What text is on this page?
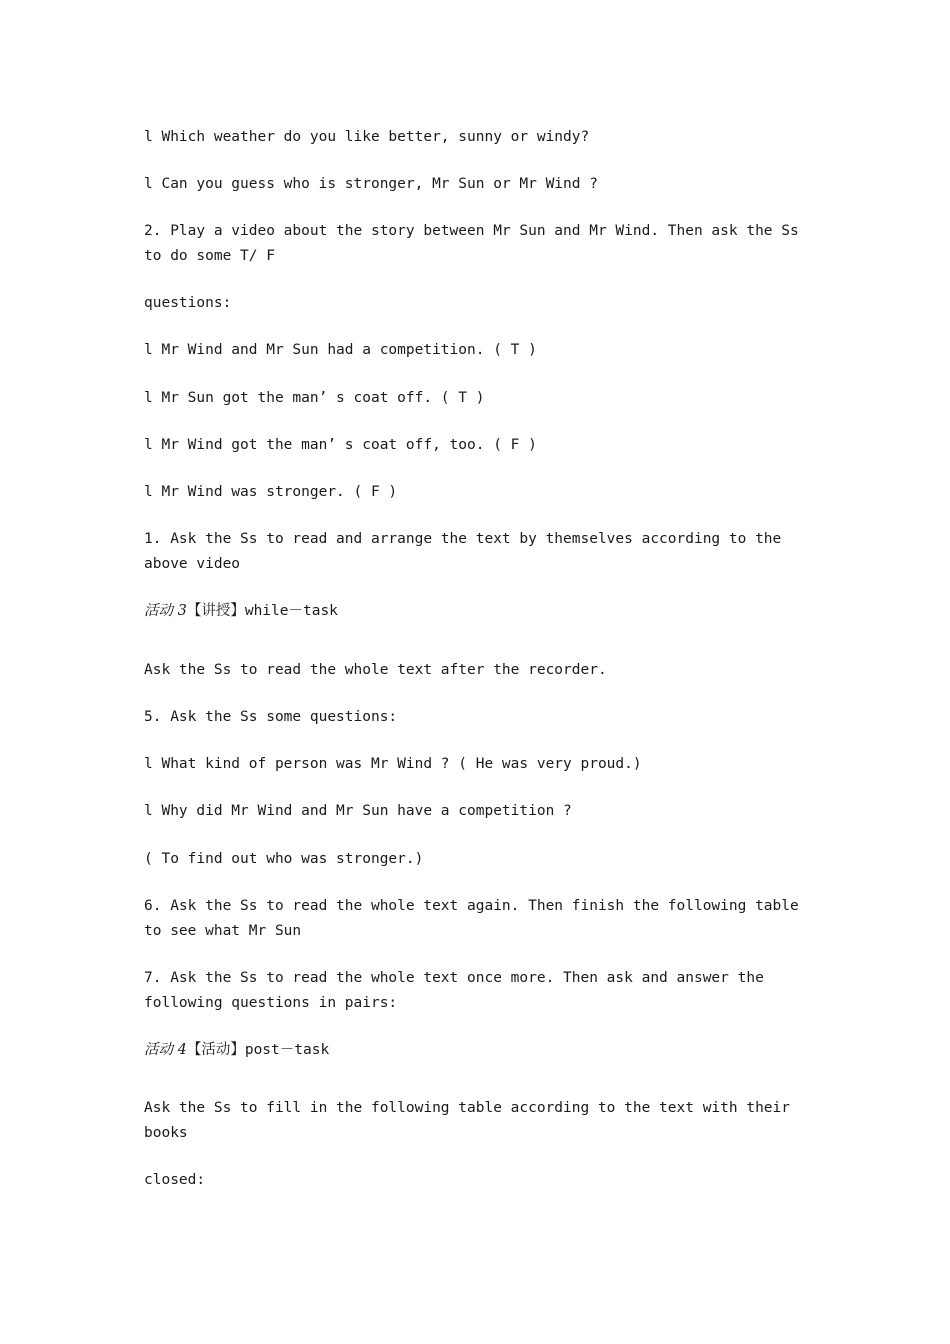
l Which weather do you like better, sunny or windy?

l Can you guess who is stronger, Mr Sun or Mr Wind ?

2. Play a video about the story between Mr Sun and Mr Wind. Then ask the Ss to do some T/ F

questions:

l Mr Wind and Mr Sun had a competition. ( T )

l Mr Sun got the man’ s coat off. ( T )

l Mr Wind got the man’ s coat off, too. ( F )

l Mr Wind was stronger. ( F )

1. Ask the Ss to read and arrange the text by themselves according to the above video

活动 3【讲授】while－task

Ask the Ss to read the whole text after the recorder.

5. Ask the Ss some questions:

l What kind of person was Mr Wind ? ( He was very proud.)

l Why did Mr Wind and Mr Sun have a competition ?

( To find out who was stronger.)

6. Ask the Ss to read the whole text again. Then finish the following table to see what Mr Sun

7. Ask the Ss to read the whole text once more. Then ask and answer the following questions in pairs:

活动 4【活动】post－task

Ask the Ss to fill in the following table according to the text with their books

closed:
